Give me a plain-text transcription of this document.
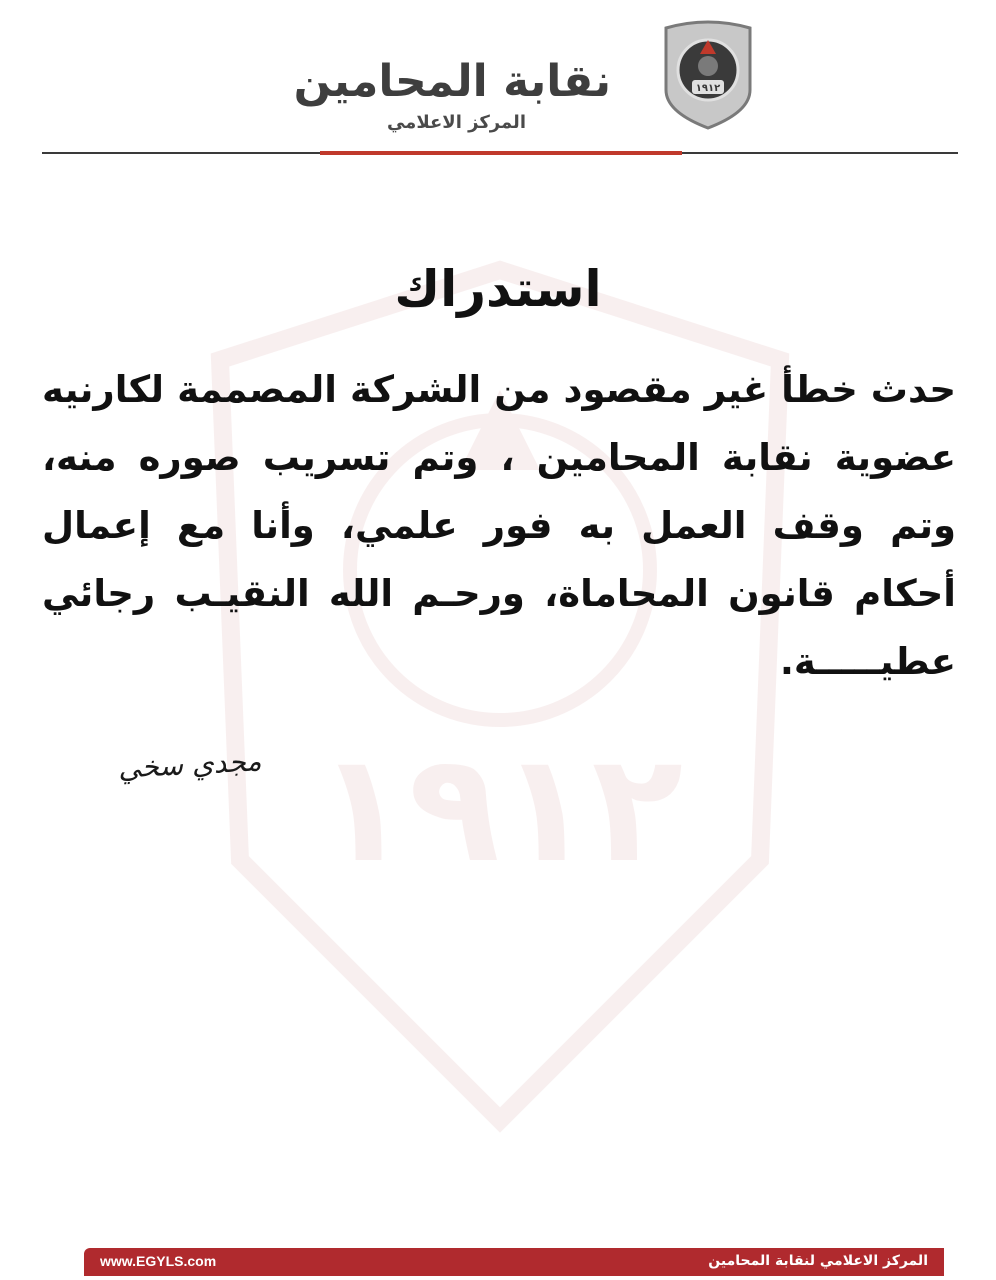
١٩١٢
١٩١٢
نقابة المحامين
المركز الاعلامي
استدراك
حدث خطأ غير مقصود من الشركة المصممة لكارنيه عضوية نقابة المحامين ، وتم تسريب صوره منه، وتم وقف العمل به فور علمي، وأنا مع إعمال أحكام قانون المحاماة، ورحـم الله النقيـب رجائي عطيـــــة.
مجدي سخي
www.EGYLS.com	المركز الاعلامي لنقابة المحامين
